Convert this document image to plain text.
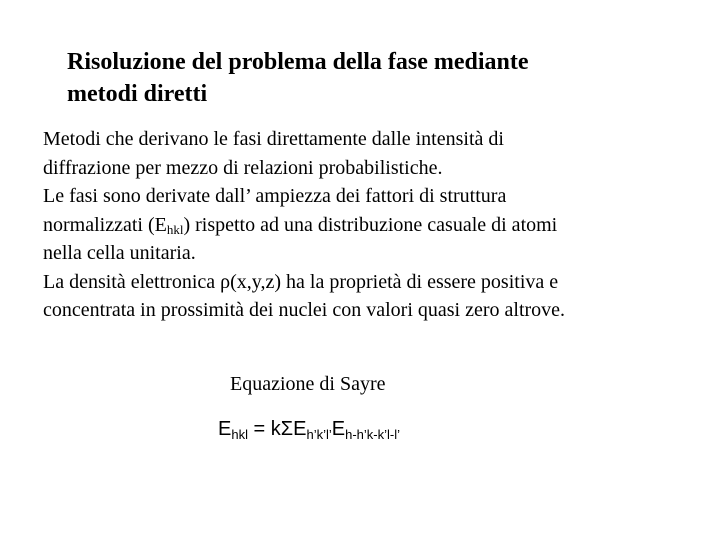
Risoluzione del problema della fase mediante
metodi diretti
Metodi che derivano le fasi direttamente dalle intensità di
diffrazione per mezzo di relazioni probabilistiche.
Le fasi sono derivate dall’ ampiezza dei fattori di struttura
normalizzati $(E_{hkl})$ rispetto ad una distribuzione casuale di atomi
nella cella unitaria.
La densità elettronica ρ(x,y,z) ha la proprietà di essere positiva e
concentrata in prossimità dei nuclei con valori quasi zero altrove.
Equazione di Sayre
$E_{hkl} = k\Sigma E_{h’k’l’}E_{h-h’k-k’l-l’}$
